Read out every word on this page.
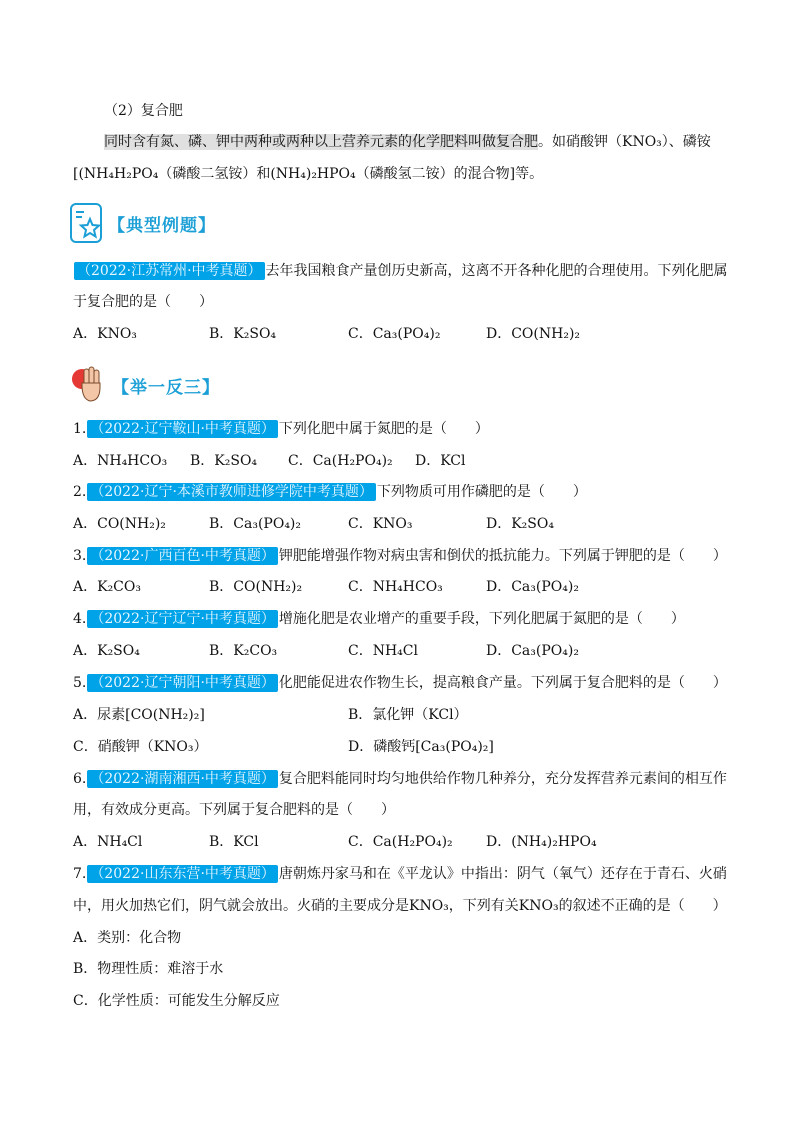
（2）复合肥
同时含有氮、磷、钾中两种或两种以上营养元素的化学肥料叫做复合肥。如硝酸钾（KNO₃）、磷铵
[(NH₄H₂PO₄（磷酸二氢铵）和(NH₄)₂HPO₄（磷酸氢二铵）的混合物]等。
【典型例题】
（2022·江苏常州·中考真题） 去年我国粮食产量创历史新高，这离不开各种化肥的合理使用。下列化肥属
于复合肥的是（　　）
A．KNO₃	B．K₂SO₄	C．Ca₃(PO₄)₂	D．CO(NH₂)₂
【举一反三】
1. （2022·辽宁鞍山·中考真题） 下列化肥中属于氮肥的是（　　）
A．NH₄HCO₃ B．K₂SO₄ C．Ca(H₂PO₄)₂ D．KCl
2. （2022·辽宁·本溪市教师进修学院中考真题） 下列物质可用作磷肥的是（　　）
A．CO(NH₂)₂	B．Ca₃(PO₄)₂	C．KNO₃	D．K₂SO₄
3. （2022·广西百色·中考真题） 钾肥能增强作物对病虫害和倒伏的抵抗能力。下列属于钾肥的是（　　）
A．K₂CO₃	B．CO(NH₂)₂	C．NH₄HCO₃	D．Ca₃(PO₄)₂
4. （2022·辽宁辽宁·中考真题） 增施化肥是农业增产的重要手段，下列化肥属于氮肥的是（　　）
A．K₂SO₄	B．K₂CO₃	C．NH₄Cl	D．Ca₃(PO₄)₂
5. （2022·辽宁朝阳·中考真题） 化肥能促进农作物生长，提高粮食产量。下列属于复合肥料的是（　　）
A．尿素[CO(NH₂)₂]	B．氯化钾（KCl）
C．硝酸钾（KNO₃）	D．磷酸钙[Ca₃(PO₄)₂]
6. （2022·湖南湘西·中考真题） 复合肥料能同时均匀地供给作物几种养分，充分发挥营养元素间的相互作
用，有效成分更高。下列属于复合肥料的是（　　）
A．NH₄Cl	B．KCl	C．Ca(H₂PO₄)₂ D．(NH₄)₂HPO₄
7. （2022·山东东营·中考真题） 唐朝炼丹家马和在《平龙认》中指出：阴气（氧气）还存在于青石、火硝
中，用火加热它们，阴气就会放出。火硝的主要成分是KNO₃，下列有关KNO₃的叙述不正确的是（　　）
A．类别：化合物
B．物理性质：难溶于水
C．化学性质：可能发生分解反应
